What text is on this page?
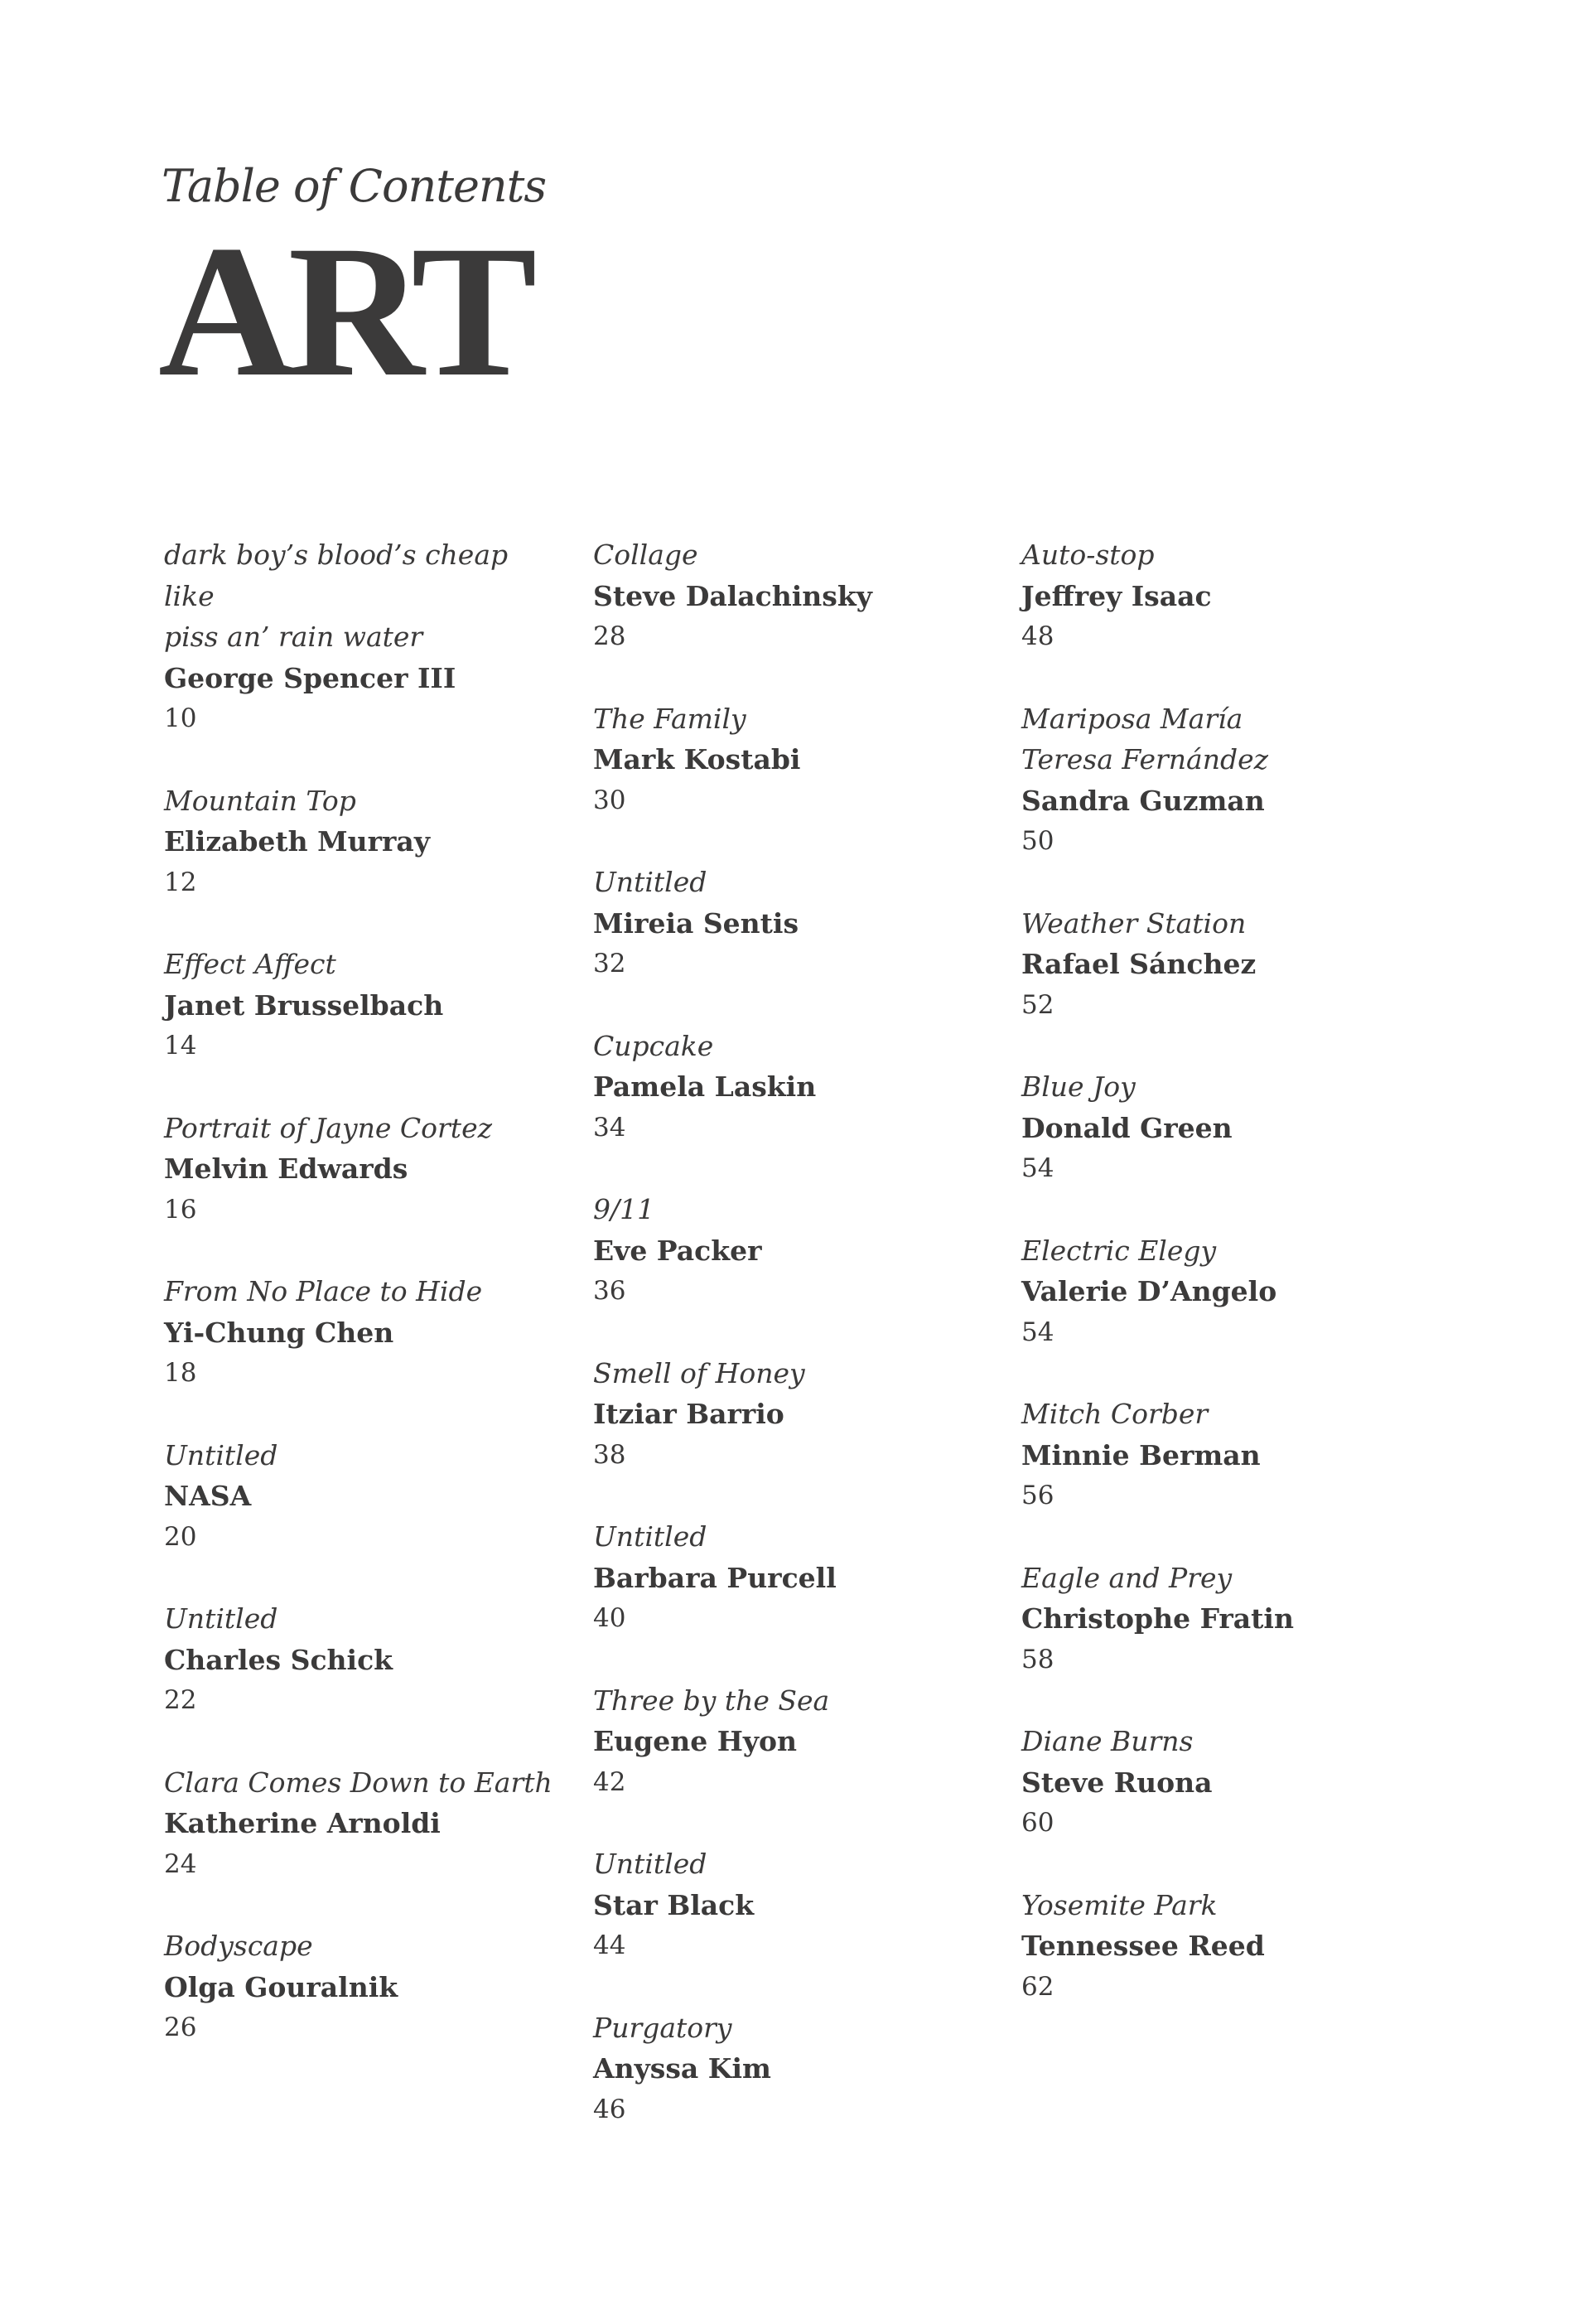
Table of Contents
ART
dark boy’s blood’s cheap like
piss an’ rain water
George Spencer III
10
Mountain Top
Elizabeth Murray
12
Effect Affect
Janet Brusselbach
14
Portrait of Jayne Cortez
Melvin Edwards
16
From No Place to Hide
Yi-Chung Chen
18
Untitled
NASA
20
Untitled
Charles Schick
22
Clara Comes Down to Earth
Katherine Arnoldi
24
Bodyscape
Olga Gouralnik
26
Collage
Steve Dalachinsky
28
The Family
Mark Kostabi
30
Untitled
Mireia Sentis
32
Cupcake
Pamela Laskin
34
9/11
Eve Packer
36
Smell of Honey
Itziar Barrio
38
Untitled
Barbara Purcell
40
Three by the Sea
Eugene Hyon
42
Untitled
Star Black
44
Purgatory
Anyssa Kim
46
Auto-stop
Jeffrey Isaac
48
Mariposa María
Teresa Fernández
Sandra Guzman
50
Weather Station
Rafael Sánchez
52
Blue Joy
Donald Green
54
Electric Elegy
Valerie D’Angelo
54
Mitch Corber
Minnie Berman
56
Eagle and Prey
Christophe Fratin
58
Diane Burns
Steve Ruona
60
Yosemite Park
Tennessee Reed
62
